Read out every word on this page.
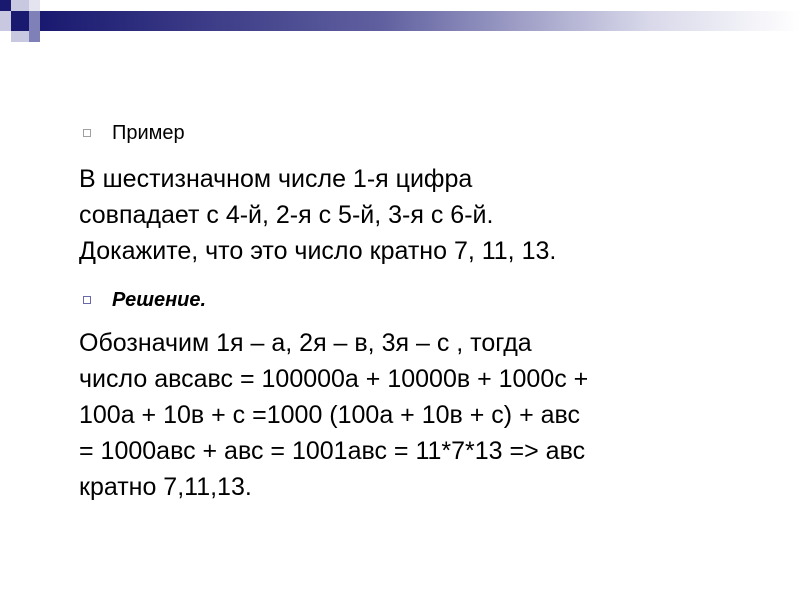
Пример
В шестизначном числе 1-я цифра
совпадает с 4-й, 2-я с 5-й, 3-я с 6-й.
Докажите, что это число кратно 7, 11, 13.
Решение.
Обозначим 1я – а, 2я – в, 3я – с , тогда
число авсавс = 100000а + 10000в + 1000с +
100а + 10в + с =1000 (100а + 10в + с) + авс
= 1000авс + авс = 1001авс = 11*7*13 => авс
кратно 7,11,13.
